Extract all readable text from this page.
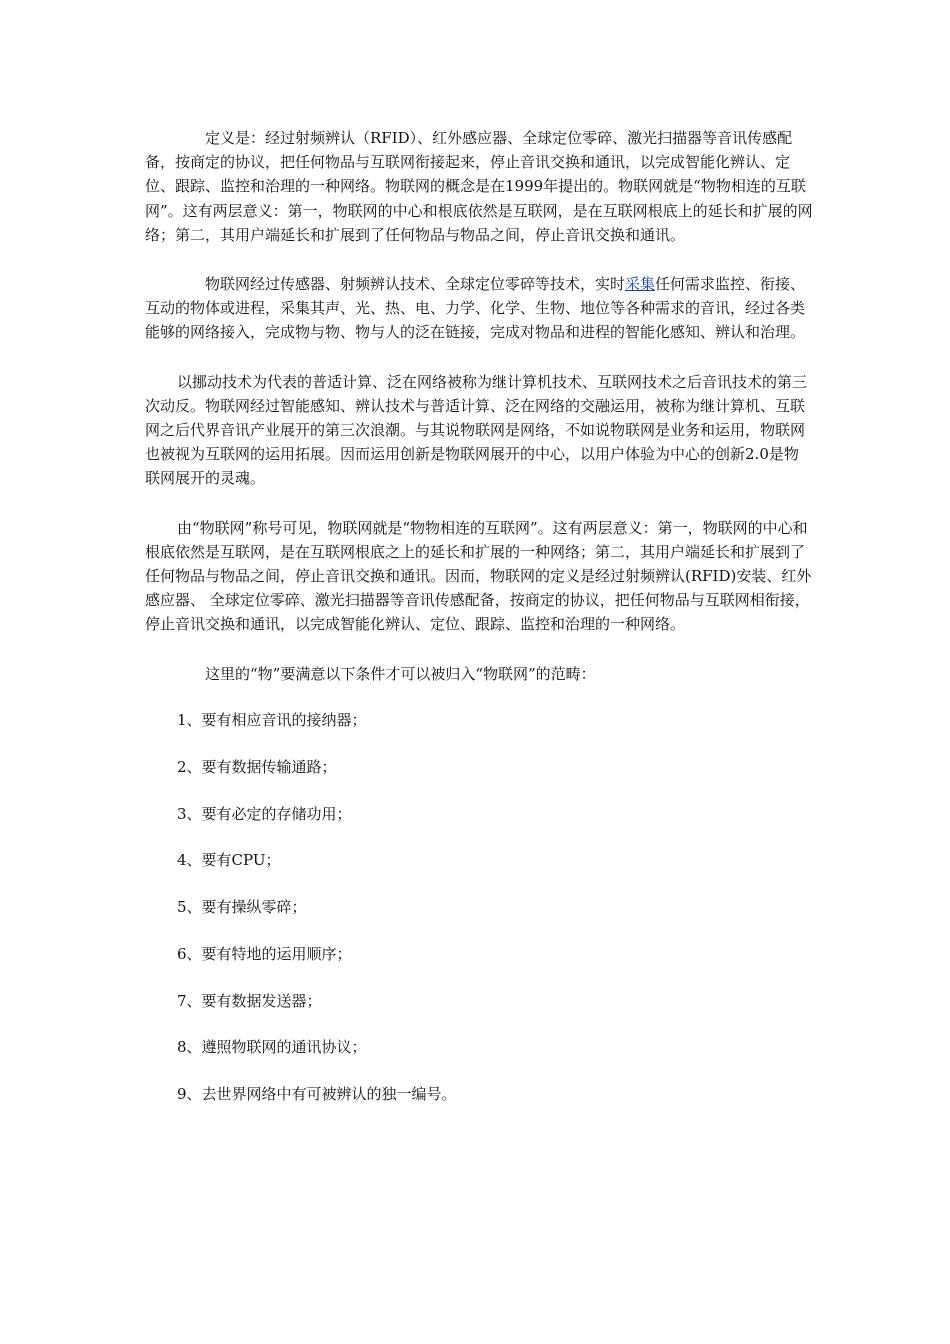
定义是：经过射频辨认（RFID）、红外感应器、全球定位零碎、激光扫描器等音讯传感配备，按商定的协议，把任何物品与互联网衔接起来，停止音讯交换和通讯，以完成智能化辨认、定位、跟踪、监控和治理的一种网络。物联网的概念是在1999年提出的。物联网就是“物物相连的互联网”。这有两层意义：第一，物联网的中心和根底依然是互联网，是在互联网根底上的延长和扩展的网络；第二，其用户端延长和扩展到了任何物品与物品之间，停止音讯交换和通讯。

物联网经过传感器、射频辨认技术、全球定位零碎等技术，实时采集任何需求监控、衔接、互动的物体或进程，采集其声、光、热、电、力学、化学、生物、地位等各种需求的音讯，经过各类能够的网络接入，完成物与物、物与人的泛在链接，完成对物品和进程的智能化感知、辨认和治理。

以挪动技术为代表的普适计算、泛在网络被称为继计算机技术、互联网技术之后音讯技术的第三次动反。物联网经过智能感知、辨认技术与普适计算、泛在网络的交融运用，被称为继计算机、互联网之后代界音讯产业展开的第三次浪潮。与其说物联网是网络，不如说物联网是业务和运用，物联网也被视为互联网的运用拓展。因而运用创新是物联网展开的中心，以用户体验为中心的创新2.0是物联网展开的灵魂。

由“物联网”称号可见，物联网就是“物物相连的互联网”。这有两层意义：第一，物联网的中心和根底依然是互联网，是在互联网根底之上的延长和扩展的一种网络；第二，其用户端延长和扩展到了任何物品与物品之间，停止音讯交换和通讯。因而，物联网的定义是经过射频辨认(RFID)安装、红外感应器、 全球定位零碎、激光扫描器等音讯传感配备，按商定的协议，把任何物品与互联网相衔接，停止音讯交换和通讯，以完成智能化辨认、定位、跟踪、监控和治理的一种网络。

这里的“物”要满意以下条件才可以被归入“物联网”的范畴：

1、要有相应音讯的接纳器；

2、要有数据传输通路；

3、要有必定的存储功用；

4、要有CPU；

5、要有操纵零碎；

6、要有特地的运用顺序；

7、要有数据发送器；

8、遵照物联网的通讯协议；

9、去世界网络中有可被辨认的独一编号。
